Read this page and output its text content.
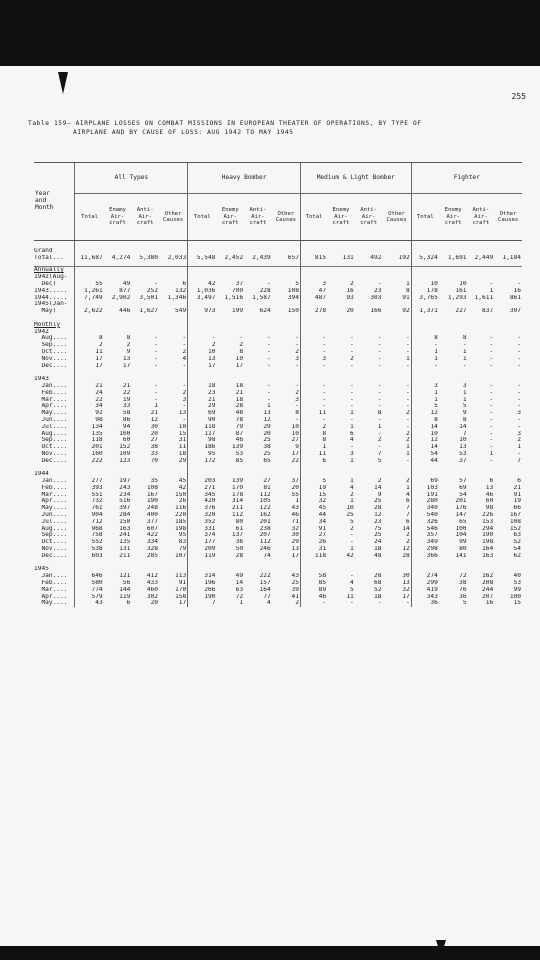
255
Table 159– AIRPLANE LOSSES ON COMBAT MISSIONS IN EUROPEAN THEATER OF OPERATIONS, BY TYPE OF
AIRPLANE AND BY CAUSE OF LOSS: AUG 1942 TO MAY 1945
Year
and
Month	All Types				Heavy Bomber				Medium & Light Bomber				Fighter			
	Total	Enemy
Air-
craft	Anti-
Air-
craft	Other
Causes	Total	Enemy
Air-
craft	Anti-
Air-
craft	Other
Causes	Total	Enemy
Air-
craft	Anti-
Air-
craft	Other
Causes	Total	Enemy
Air-
craft	Anti-
Air-
craft	Other
Causes

Grand																
Total...	11,687	4,274	5,380	2,033	5,548	2,452	2,439	657	815	131	492	192	5,324	1,691	2,449	1,184

Annually																
1942(Aug-																
Dec)	55	49	-	6	42	37	-	5	3	2	-	1	10	10	-	-
1943.....	1,261	877	252	132	1,036	700	228	108	47	16	23	8	178	161	1	16
1944.....	7,749	2,902	3,501	1,346	3,497	1,516	1,587	394	487	93	303	91	3,765	1,293	1,611	861
1945(Jan-																
May)	2,622	446	1,627	549	973	199	624	150	278	20	166	92	1,371	227	837	307

Monthly																
1942																
Aug....	8	8	-	-	-	-	-	-	-	-	-	-	8	8	-	-
Sep....	2	2	-	-	2	2	-	-	-	-	-	-	-	-	-	-
Oct....	11	9	-	2	10	8	-	2	-	-	-	-	1	1	-	-
Nov....	17	13	-	4	13	10	-	3	3	2	-	1	1	1	-	-
Dec....	17	17	-	-	17	17	-	-	-	-	-	-	-	-	-	-

1943																
Jan....	21	21	-	-	18	18	-	-	-	-	-	-	3	3	-	-
Feb....	24	22	-	2	23	21	-	2	-	-	-	-	1	1	-	-
Mar....	22	19	-	3	21	18	-	3	-	-	-	-	1	1	-	-
Apr....	34	33	1	-	29	28	1	-	-	-	-	-	5	5	-	-
May....	92	58	21	13	69	48	13	8	11	1	8	2	12	9	-	3
Jun....	98	86	12	-	90	78	12	-	-	-	-	-	8	8	-	-
Jul....	134	94	30	10	118	79	29	10	2	1	1	-	14	14	-	-
Aug....	135	100	20	15	117	87	20	10	8	6	-	2	10	7	-	3
Sep....	118	60	27	31	98	46	25	27	8	4	2	2	12	10	-	2
Oct....	201	152	38	11	186	139	38	9	1	-	-	1	14	13	-	1
Nov....	160	109	33	18	95	53	25	17	11	3	7	1	54	53	1	-
Dec....	222	123	70	29	172	85	65	22	6	1	5	-	44	37	-	7

1944																
Jan....	277	197	35	45	203	139	27	37	5	1	2	2	69	57	6	6
Feb....	393	243	108	42	271	170	81	20	19	4	14	1	103	69	13	21
Mar....	551	234	167	150	345	178	112	55	15	2	9	4	191	54	46	91
Apr....	732	516	190	26	420	314	105	1	32	1	25	6	280	201	60	19
May....	761	397	248	116	376	211	122	43	45	10	28	7	340	176	98	66
Jun....	904	284	400	220	320	112	162	46	44	25	12	7	540	147	226	167
Jul....	712	150	377	185	352	80	201	71	34	5	23	6	326	65	153	108
Aug....	968	163	607	198	331	61	238	32	91	2	75	14	546	100	294	152
Sep....	758	241	422	95	374	137	207	30	27	-	25	2	357	104	190	63
Oct....	552	135	334	83	177	36	112	29	26	-	24	2	349	99	198	52
Nov....	538	131	328	79	209	50	246	13	31	1	18	12	298	80	164	54
Dec....	603	211	285	107	119	28	74	17	118	42	48	28	366	141	163	62

1945																
Jan....	646	121	412	113	314	49	222	43	58	-	28	30	274	72	162	40
Feb....	580	56	433	91	196	14	157	25	85	4	68	13	299	38	208	53
Mar....	774	144	460	170	266	63	164	39	89	5	52	32	419	76	244	99
Apr....	579	119	302	158	190	72	77	41	46	11	18	17	343	36	207	100
May....	43	6	20	17	7	1	4	2	-	-	-	-	36	5	16	15
